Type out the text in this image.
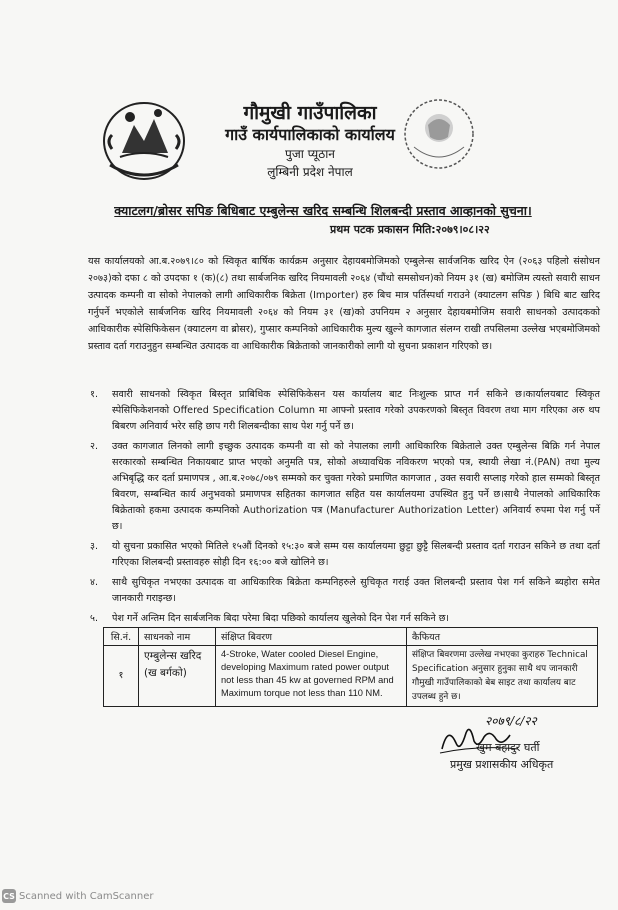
गौमुखी गाउँपालिका
गाउँ कार्यपालिकाको कार्यालय
पुजा प्यूठान
लुम्बिनी प्रदेश नेपाल
क्याटलग/ब्रोसर सपिङ बिधिबाट एम्बुलेन्स खरिद सम्बन्धि शिलबन्दी प्रस्ताव आव्हानको सुचना।
प्रथम पटक प्रकासन मिति:२०७९।०८।२२
यस कार्यालयको आ.ब.२०७९।८० को स्विकृत बार्षिक कार्यक्रम अनुसार देहायबमोजिमको एम्बुलेन्स सार्वजनिक खरिद ऐन (२०६३ पहिलो संसोधन २०७३)को दफा ८ को उपदफा १ (क)(८) तथा सार्बजनिक खरिद नियमावली २०६४ (चौंथो समसोधन)को नियम ३१ (ख) बमोजिम त्यस्तो सवारी साधन उत्पादक कम्पनी वा सोको नेपालको लागी आधिकारीक बिक्रेता (Importer) हरु बिच मात्र पर्तिस्पर्धा गराउने (क्याटलग सपिङ ) बिधि बाट खरिद गर्नुपर्ने भएकोले सार्बजनिक खरिद नियमावली २०६४ को नियम ३१ (ख)को उपनियम २ अनुसार देहायबमोजिम सवारी साधनको उत्पादकको आधिकारीक स्पेसिफिकेसन (क्याटलग वा ब्रोसर), गुप्सार कम्पनिको आधिकारीक मुल्य खुल्ने कागजात संलग्न राखी तपसिलमा उल्लेख भएबमोजिमको प्रस्ताव दर्ता गराउनुहुन सम्बन्धित उत्पादक वा आधिकारीक बिक्रेताको जानकारीको लागी यो सुचना प्रकाशन गरिएको छ।
१. सवारी साधनको स्विकृत बिस्तृत प्राबिधिक स्पेसिफिकेसन यस कार्यालय बाट निःशुल्क प्राप्त गर्न सकिने छ।कार्यालयबाट स्विकृत स्पेसिफिकेशनको Offered Specification Column मा आफ्नो प्रस्ताव गरेको उपकरणको बिस्तृत विवरण तथा माग गरिएका अरु थप बिबरण अनिवार्य भरेर सहि छाप गरी शिलबन्दीका साथ पेश गर्नु पर्ने छ।
२. उक्त कागजात लिनको लागी इच्छुक उत्पादक कम्पनी वा सो को नेपालका लागी आधिकारिक बिक्रेताले उक्त एम्बुलेन्स बिक्रि गर्न नेपाल सरकारको सम्बन्धित निकायबाट प्राप्त भएको अनुमति पत्र, सोको अध्यावधिक नविकरण भएको पत्र, स्थायी लेखा नं.(PAN) तथा मुल्य अभिबृद्धि कर दर्ता प्रमाणपत्र , आ.ब.२०७८/०७९ सम्मको कर चुक्ता गरेको प्रमाणित कागजात , उक्त सवारी सप्लाइ गरेको हाल सम्मको बिस्तृत बिवरण, सम्बन्धित कार्य अनुभवको प्रमाणपत्र सहितका कागजात सहित यस कार्यालयमा उपस्थित हुनु पर्ने छ।साथै नेपालको आधिकारिक बिक्रेताको हकमा उत्पादक कम्पनिको Authorization पत्र (Manufacturer Authorization Letter) अनिवार्य रुपमा पेश गर्नु पर्ने छ।
३. यो सुचना प्रकासित भएको मितिले १५औं दिनको १५:३० बजे सम्म यस कार्यालयमा छुट्टा छुट्टै सिलबन्दी प्रस्ताव दर्ता गराउन सकिने छ तथा दर्ता गरिएका शिलबन्दी प्रस्तावहरु सोही दिन १६:०० बजे खोलिने छ।
४. साथै सुचिकृत नभएका उत्पादक वा आधिकारिक बिक्रेता कम्पनिहरुले सुचिकृत गराई उक्त शिलबन्दी प्रस्ताव पेश गर्न सकिने ब्यहोरा समेत जानकारी गराइन्छ।
५. पेश गर्ने अन्तिम दिन सार्बजनिक बिदा परेमा बिदा पछिको कार्यालय खुलेको दिन पेश गर्न सकिने छ।
सि.नं.	साधनको नाम	संक्षिप्त बिवरण	कैफियत
१	एम्बुलेन्स खरिद (ख बर्गको)	4-Stroke, Water cooled Diesel Engine, developing Maximum rated power output not less than 45 kw at governed RPM and Maximum torque not less than 110 NM.	संक्षिप्त बिवरणमा उल्लेख नभएका कुराहरु Technical Specification अनुसार हुनुका साथै थप जानकारी गौमुखी गाउँपालिकाको बेब साइट तथा कार्यालय बाट उपलब्ध हुने छ।
२०७९/८/२२
खुम बहादुर घर्ती
प्रमुख प्रशासकीय अधिकृत
CS Scanned with CamScanner
